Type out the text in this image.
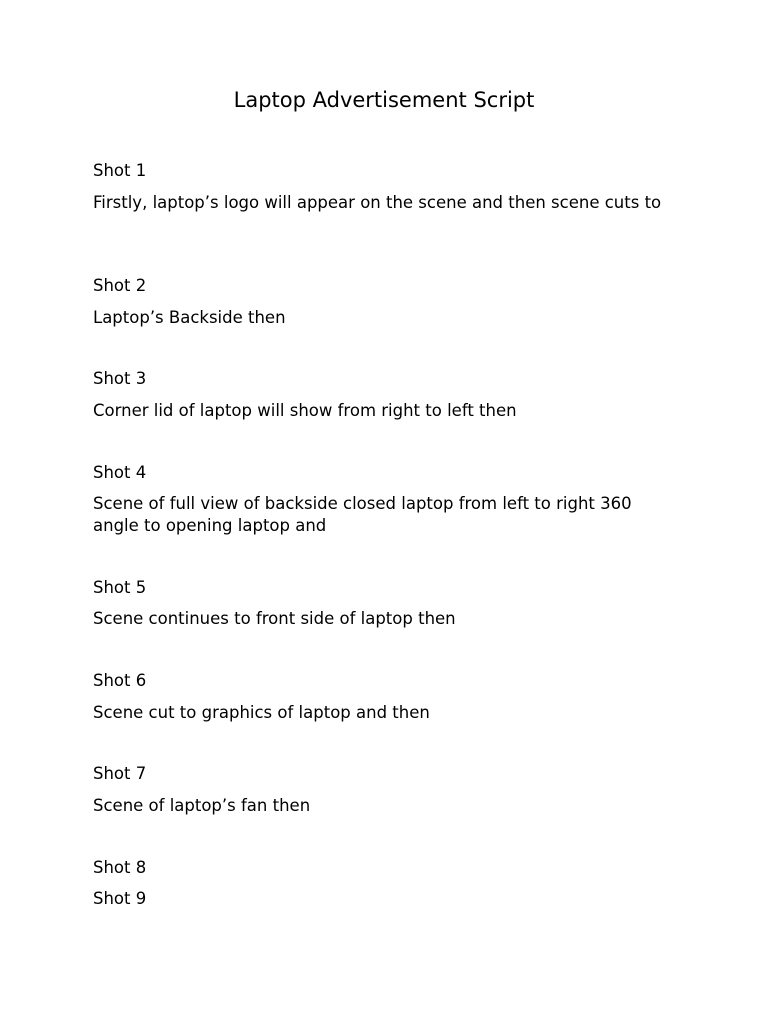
Laptop Advertisement Script

Shot 1

Firstly, laptop’s logo will appear on the scene and then scene cuts to

Shot 2

Laptop’s Backside then

Shot 3

Corner lid of laptop will show from right to left then

Shot 4

Scene of full view of backside closed laptop from left to right 360 angle to opening laptop and

Shot 5

Scene continues to front side of laptop then

Shot 6

Scene cut to graphics of laptop and then

Shot 7

Scene of laptop’s fan then

Shot 8

Shot 9
